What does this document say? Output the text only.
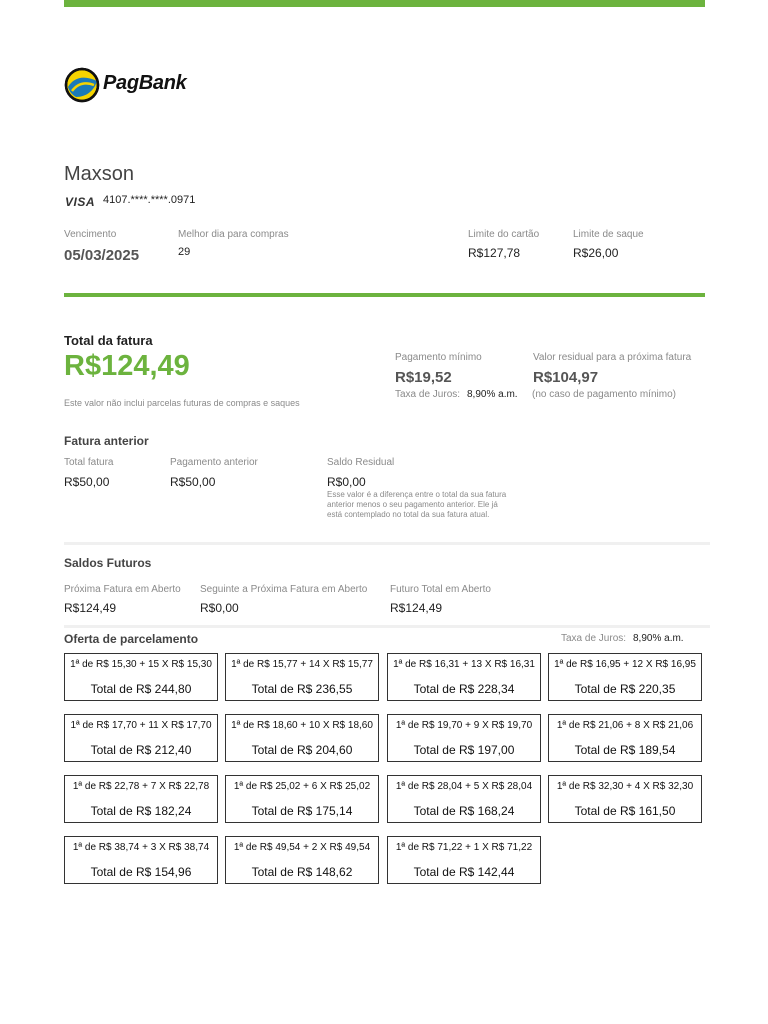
PagBank
Maxson
VISA 4107.****.****.0971
Vencimento
05/03/2025
Melhor dia para compras
29
Limite do cartão
R$127,78
Limite de saque
R$26,00
Total da fatura
R$124,49
Este valor não inclui parcelas futuras de compras e saques
Pagamento mínimo
R$19,52
Taxa de Juros: 8,90% a.m.
Valor residual para a próxima fatura
R$104,97
(no caso de pagamento mínimo)
Fatura anterior
Total fatura
R$50,00
Pagamento anterior
R$50,00
Saldo Residual
R$0,00
Esse valor é a diferença entre o total da sua fatura anterior menos o seu pagamento anterior. Ele já está contemplado no total da sua fatura atual.
Saldos Futuros
Próxima Fatura em Aberto
R$124,49
Seguinte a Próxima Fatura em Aberto
R$0,00
Futuro Total em Aberto
R$124,49
Oferta de parcelamento	Taxa de Juros: 8,90% a.m.
1ª de R$ 15,30 + 15 X R$ 15,30
Total de R$ 244,80
1ª de R$ 15,77 + 14 X R$ 15,77
Total de R$ 236,55
1ª de R$ 16,31 + 13 X R$ 16,31
Total de R$ 228,34
1ª de R$ 16,95 + 12 X R$ 16,95
Total de R$ 220,35
1ª de R$ 17,70 + 11 X R$ 17,70
Total de R$ 212,40
1ª de R$ 18,60 + 10 X R$ 18,60
Total de R$ 204,60
1ª de R$ 19,70 + 9 X R$ 19,70
Total de R$ 197,00
1ª de R$ 21,06 + 8 X R$ 21,06
Total de R$ 189,54
1ª de R$ 22,78 + 7 X R$ 22,78
Total de R$ 182,24
1ª de R$ 25,02 + 6 X R$ 25,02
Total de R$ 175,14
1ª de R$ 28,04 + 5 X R$ 28,04
Total de R$ 168,24
1ª de R$ 32,30 + 4 X R$ 32,30
Total de R$ 161,50
1ª de R$ 38,74 + 3 X R$ 38,74
Total de R$ 154,96
1ª de R$ 49,54 + 2 X R$ 49,54
Total de R$ 148,62
1ª de R$ 71,22 + 1 X R$ 71,22
Total de R$ 142,44
